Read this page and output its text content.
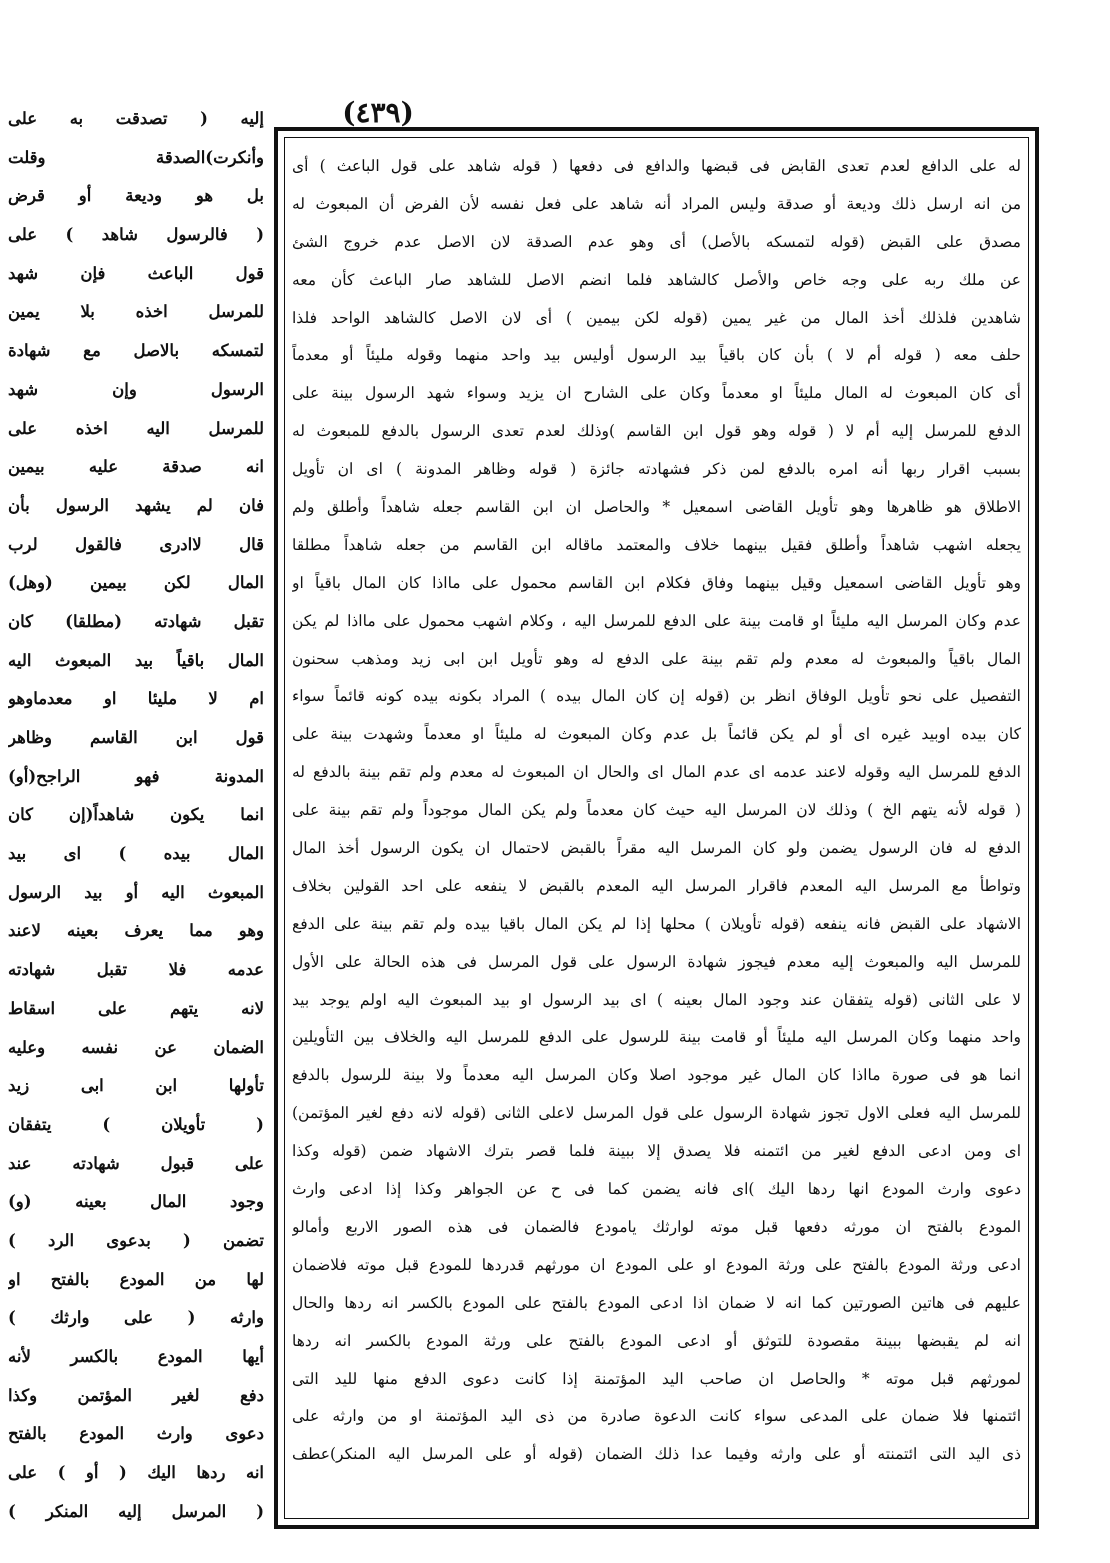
(٤٣٩)
له على الدافع لعدم تعدى القابض فى قبضها والدافع فى دفعها ( قوله شاهد على قول الباعث ) أى
من انه ارسل ذلك وديعة أو صدقة وليس المراد أنه شاهد على فعل نفسه لأن الفرض أن المبعوث له
مصدق على القبض (قوله لتمسكه بالأصل) أى وهو عدم الصدقة لان الاصل عدم خروج الشئ
عن ملك ربه على وجه خاص والأصل كالشاهد فلما انضم الاصل للشاهد صار الباعث كأن معه
شاهدين فلذلك أخذ المال من غير يمين (قوله لكن بيمين ) أى لان الاصل كالشاهد الواحد فلذا
حلف معه ( قوله أم لا ) بأن كان باقياً بيد الرسول أوليس بيد واحد منهما وقوله مليئاً أو معدماً
أى كان المبعوث له المال مليئاً او معدماً وكان على الشارح ان يزيد وسواء شهد الرسول بينة على
الدفع للمرسل إليه أم لا ( قوله وهو قول ابن القاسم )وذلك لعدم تعدى الرسول بالدفع للمبعوث له
بسبب اقرار ربها أنه امره بالدفع لمن ذكر فشهادته جائزة ( قوله وظاهر المدونة ) اى ان تأويل
الاطلاق هو ظاهرها وهو تأويل القاضى اسمعيل * والحاصل ان ابن القاسم جعله شاهداً وأطلق ولم
يجعله اشهب شاهداً وأطلق فقيل بينهما خلاف والمعتمد ماقاله ابن القاسم من جعله شاهداً مطلقا
وهو تأويل القاضى اسمعيل وقيل بينهما وفاق فكلام ابن القاسم محمول على مااذا كان المال باقياً او
عدم وكان المرسل اليه مليئاً او قامت بينة على الدفع للمرسل اليه ، وكلام اشهب محمول على مااذا لم يكن
المال باقياً والمبعوث له معدم ولم تقم بينة على الدفع له وهو تأويل ابن ابى زيد ومذهب سحنون
التفصيل على نحو تأويل الوفاق انظر بن (قوله إن كان المال بيده ) المراد بكونه بيده كونه قائماً سواء
كان بيده اوبيد غيره اى أو لم يكن قائماً بل عدم وكان المبعوث له مليئاً او معدماً وشهدت بينة على
الدفع للمرسل اليه وقوله لاعند عدمه اى عدم المال اى والحال ان المبعوث له معدم ولم تقم بينة بالدفع له
( قوله لأنه يتهم الخ ) وذلك لان المرسل اليه حيث كان معدماً ولم يكن المال موجوداً ولم تقم بينة على
الدفع له فان الرسول يضمن ولو كان المرسل اليه مقراً بالقبض لاحتمال ان يكون الرسول أخذ المال
وتواطأ مع المرسل اليه المعدم فاقرار المرسل اليه المعدم بالقبض لا ينفعه على احد القولين بخلاف
الاشهاد على القبض فانه ينفعه (قوله تأويلان ) محلها إذا لم يكن المال باقيا بيده ولم تقم بينة على الدفع
للمرسل اليه والمبعوث إليه معدم فيجوز شهادة الرسول على قول المرسل فى هذه الحالة على الأول
لا على الثانى (قوله يتفقان عند وجود المال بعينه ) اى بيد الرسول او بيد المبعوث اليه اولم يوجد بيد
واحد منهما وكان المرسل اليه مليئاً أو قامت بينة للرسول على الدفع للمرسل اليه والخلاف بين التأويلين
انما هو فى صورة مااذا كان المال غير موجود اصلا وكان المرسل اليه معدماً ولا بينة للرسول بالدفع
للمرسل اليه فعلى الاول تجوز شهادة الرسول على قول المرسل لاعلى الثانى (قوله لانه دفع لغير المؤتمن)
اى ومن ادعى الدفع لغير من ائتمنه فلا يصدق إلا ببينة فلما قصر بترك الاشهاد ضمن (قوله وكذا
دعوى وارث المودع انها ردها اليك )اى فانه يضمن كما فى ح عن الجواهر وكذا إذا ادعى وارث
المودع بالفتح ان مورثه دفعها قبل موته لوارثك يامودع فالضمان فى هذه الصور الاربع وأمالو
ادعى ورثة المودع بالفتح على ورثة المودع او على المودع ان مورثهم قدردها للمودع قبل موته فلاضمان
عليهم فى هاتين الصورتين كما انه لا ضمان اذا ادعى المودع بالفتح على المودع بالكسر انه ردها والحال
انه لم يقبضها ببينة مقصودة للتوثق أو ادعى المودع بالفتح على ورثة المودع بالكسر انه ردها
لمورثهم قبل موته * والحاصل ان صاحب اليد المؤتمنة إذا كانت دعوى الدفع منها لليد التى
ائتمنها فلا ضمان على المدعى سواء كانت الدعوة صادرة من ذى اليد المؤتمنة او من وارثه على
ذى اليد التى ائتمنته أو على وارثه وفيما عدا ذلك الضمان (قوله أو على المرسل اليه المنكر)عطف
إليه ( تصدقت به على
وأنكرت)الصدقة وقلت
بل هو وديعة أو قرض
( فالرسول شاهد ) على
قول الباعث فإن شهد
للمرسل اخذه بلا يمين
لتمسكه بالاصل مع شهادة
الرسول وإن شهد
للمرسل اليه اخذه على
انه صدقة عليه بيمين
فان لم يشهد الرسول بأن
قال لاادرى فالقول لرب
المال لكن بيمين (وهل)
تقبل شهادته (مطلقا) كان
المال باقياً بيد المبعوث اليه
ام لا مليئا او معدماوهو
قول ابن القاسم وظاهر
المدونة فهو الراجح(أو)
انما يكون شاهداً(إن كان
المال بيده ) اى بيد
المبعوث اليه أو بيد الرسول
وهو مما يعرف بعينه لاعند
عدمه فلا تقبل شهادته
لانه يتهم على اسقاط
الضمان عن نفسه وعليه
تأولها ابن ابى زيد
( تأويلان ) يتفقان
على قبول شهادته عند
وجود المال بعينه (و)
تضمن ( بدعوى الرد )
لها من المودع بالفتح او
وارثه ( على وارثك )
أيها المودع بالكسر لأنه
دفع لغير المؤتمن وكذا
دعوى وارث المودع بالفتح
انه ردها اليك ( أو ) على
( المرسل إليه المنكر )
